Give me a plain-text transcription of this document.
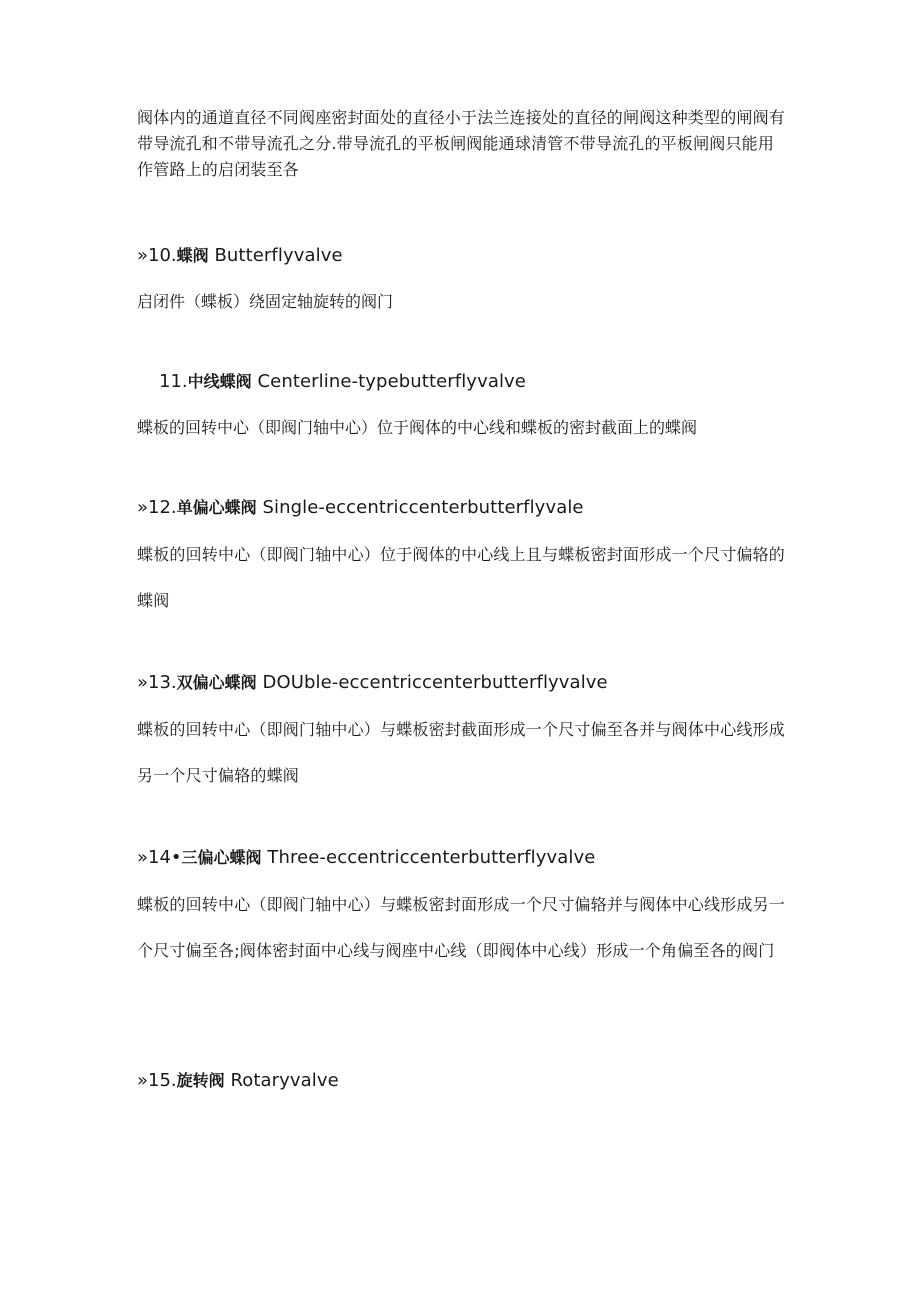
阀体内的通道直径不同阀座密封面处的直径小于法兰连接处的直径的闸阀这种类型的闸阀有带导流孔和不带导流孔之分.带导流孔的平板闸阀能通球清管不带导流孔的平板闸阀只能用作管路上的启闭装至各

»10.蝶阀 Butterflyvalve

启闭件（蝶板）绕固定轴旋转的阀门

11.中线蝶阀 Centerline-typebutterflyvalve

蝶板的回转中心（即阀门轴中心）位于阀体的中心线和蝶板的密封截面上的蝶阀

»12.单偏心蝶阀 Single-eccentriccenterbutterflyvale

蝶板的回转中心（即阀门轴中心）位于阀体的中心线上且与蝶板密封面形成一个尺寸偏辂的蝶阀

»13.双偏心蝶阀 DOUble-eccentriccenterbutterflyvalve

蝶板的回转中心（即阀门轴中心）与蝶板密封截面形成一个尺寸偏至各并与阀体中心线形成另一个尺寸偏辂的蝶阀

»14•三偏心蝶阀 Three-eccentriccenterbutterflyvalve

蝶板的回转中心（即阀门轴中心）与蝶板密封面形成一个尺寸偏辂并与阀体中心线形成另一个尺寸偏至各;阀体密封面中心线与阀座中心线（即阀体中心线）形成一个角偏至各的阀门

»15.旋转阀 Rotaryvalve
